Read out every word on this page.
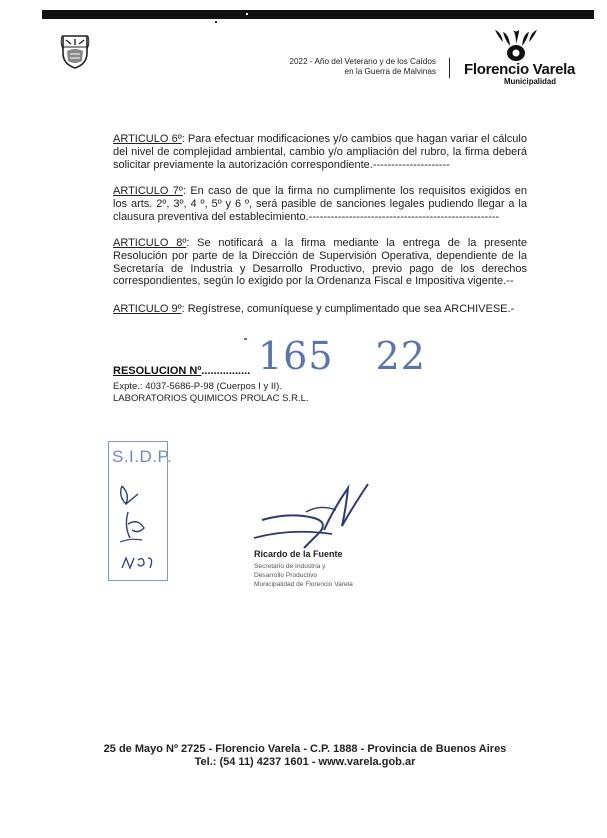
2022 - Año del Veterano y de los Caídos
en la Guerra de Malvinas Florencio Varela
Municipalidad
ARTICULO 6º: Para efectuar modificaciones y/o cambios que hagan variar el cálculo del nivel de complejidad ambiental, cambio y/o ampliación del rubro, la firma deberá solicitar previamente la autorización correspondiente.---------------------
ARTICULO 7º: En caso de que la firma no cumplimente los requisitos exigidos en los arts. 2º, 3º, 4 º, 5º y 6 º, será pasible de sanciones legales pudiendo llegar a la clausura preventiva del establecimiento.----------------------------------------------------
ARTICULO 8º: Se notificará a la firma mediante la entrega de la presente Resolución por parte de la Dirección de Supervisión Operativa, dependiente de la Secretaría de Industria y Desarrollo Productivo, previo pago de los derechos correspondientes, según lo exigido por la Ordenanza Fiscal e Impositiva vigente.--
ARTICULO 9º: Regístrese, comuníquese y cumplimentado que sea ARCHIVESE.-
165 22
RESOLUCION Nº................
Expte.: 4037-5686-P-98 (Cuerpos I y II).
LABORATORIOS QUIMICOS PROLAC S.R.L.
S.I.D.P.
Ricardo de la Fuente
Secretario de Industria y
Desarrollo Productivo
Municipalidad de Florencio Varela
25 de Mayo Nº 2725 - Florencio Varela - C.P. 1888 - Provincia de Buenos Aires
Tel.: (54 11) 4237 1601 - www.varela.gob.ar
